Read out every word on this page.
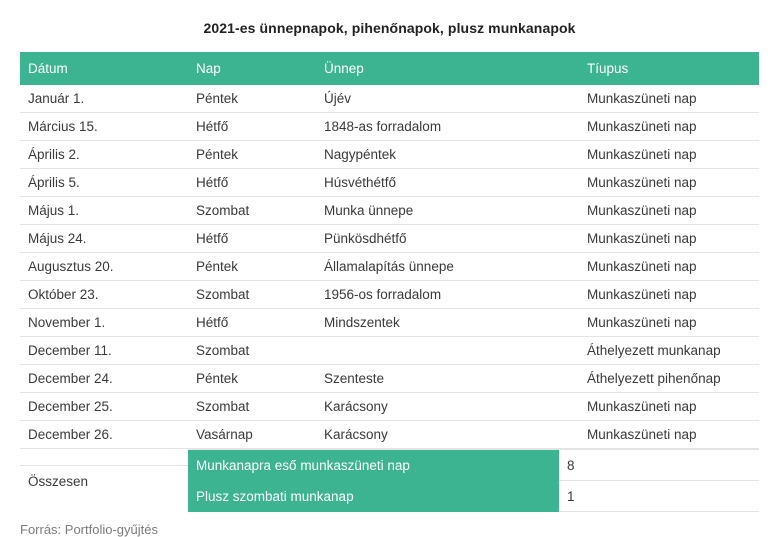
2021-es ünnepnapok, pihenőnapok, plusz munkanapok
Dátum	Nap	Ünnep	Tíupus
Január 1.	Péntek	Újév	Munkaszüneti nap
Március 15.	Hétfő	1848-as forradalom	Munkaszüneti nap
Április 2.	Péntek	Nagypéntek	Munkaszüneti nap
Április 5.	Hétfő	Húsvéthétfő	Munkaszüneti nap
Május 1.	Szombat	Munka ünnepe	Munkaszüneti nap
Május 24.	Hétfő	Pünkösdhétfő	Munkaszüneti nap
Augusztus 20.	Péntek	Államalapítás ünnepe	Munkaszüneti nap
Október 23.	Szombat	1956-os forradalom	Munkaszüneti nap
November 1.	Hétfő	Mindszentek	Munkaszüneti nap
December 11.	Szombat		Áthelyezett munkanap
December 24.	Péntek	Szenteste	Áthelyezett pihenőnap
December 25.	Szombat	Karácsony	Munkaszüneti nap
December 26.	Vasárnap	Karácsony	Munkaszüneti nap

Összesen	Munkanapra eső munkaszüneti nap	8
Plusz szombati munkanap	1		
Forrás: Portfolio-gyűjtés
